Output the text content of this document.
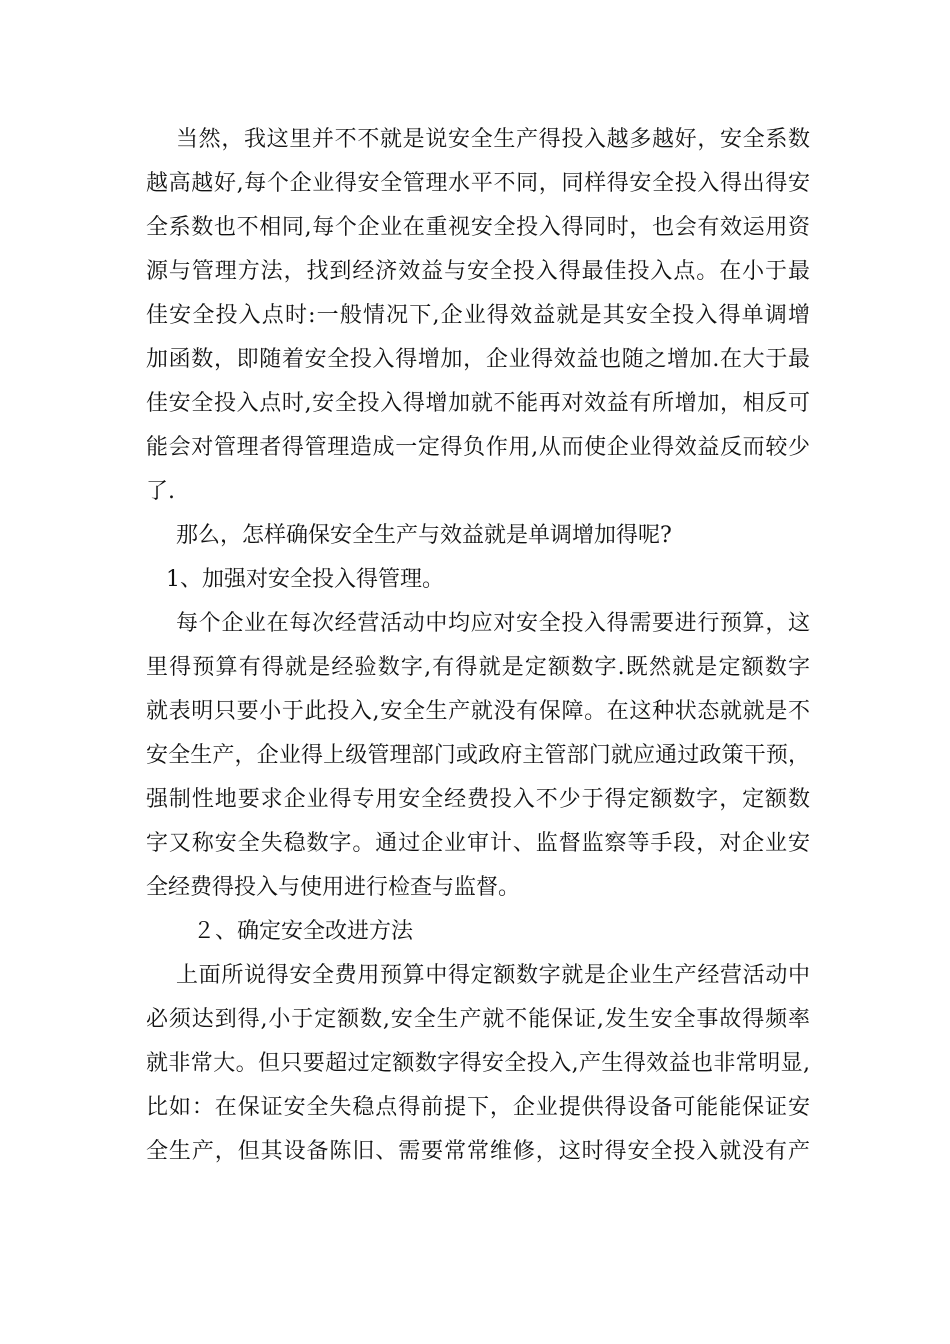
当然，我这里并不不就是说安全生产得投入越多越好，安全系数
越高越好,每个企业得安全管理水平不同，同样得安全投入得出得安
全系数也不相同,每个企业在重视安全投入得同时，也会有效运用资
源与管理方法，找到经济效益与安全投入得最佳投入点。在小于最
佳安全投入点时:一般情况下,企业得效益就是其安全投入得单调增
加函数，即随着安全投入得增加，企业得效益也随之增加.在大于最
佳安全投入点时,安全投入得增加就不能再对效益有所增加，相反可
能会对管理者得管理造成一定得负作用,从而使企业得效益反而较少
了.
那么，怎样确保安全生产与效益就是单调增加得呢?
1、加强对安全投入得管理。
每个企业在每次经营活动中均应对安全投入得需要进行预算，这
里得预算有得就是经验数字,有得就是定额数字.既然就是定额数字
就表明只要小于此投入,安全生产就没有保障。在这种状态就就是不
安全生产，企业得上级管理部门或政府主管部门就应通过政策干预，
强制性地要求企业得专用安全经费投入不少于得定额数字，定额数
字又称安全失稳数字。通过企业审计、监督监察等手段，对企业安
全经费得投入与使用进行检查与监督。
２、确定安全改进方法
上面所说得安全费用预算中得定额数字就是企业生产经营活动中
必须达到得,小于定额数,安全生产就不能保证,发生安全事故得频率
就非常大。但只要超过定额数字得安全投入,产生得效益也非常明显,
比如：在保证安全失稳点得前提下，企业提供得设备可能能保证安
全生产，但其设备陈旧、需要常常维修，这时得安全投入就没有产
